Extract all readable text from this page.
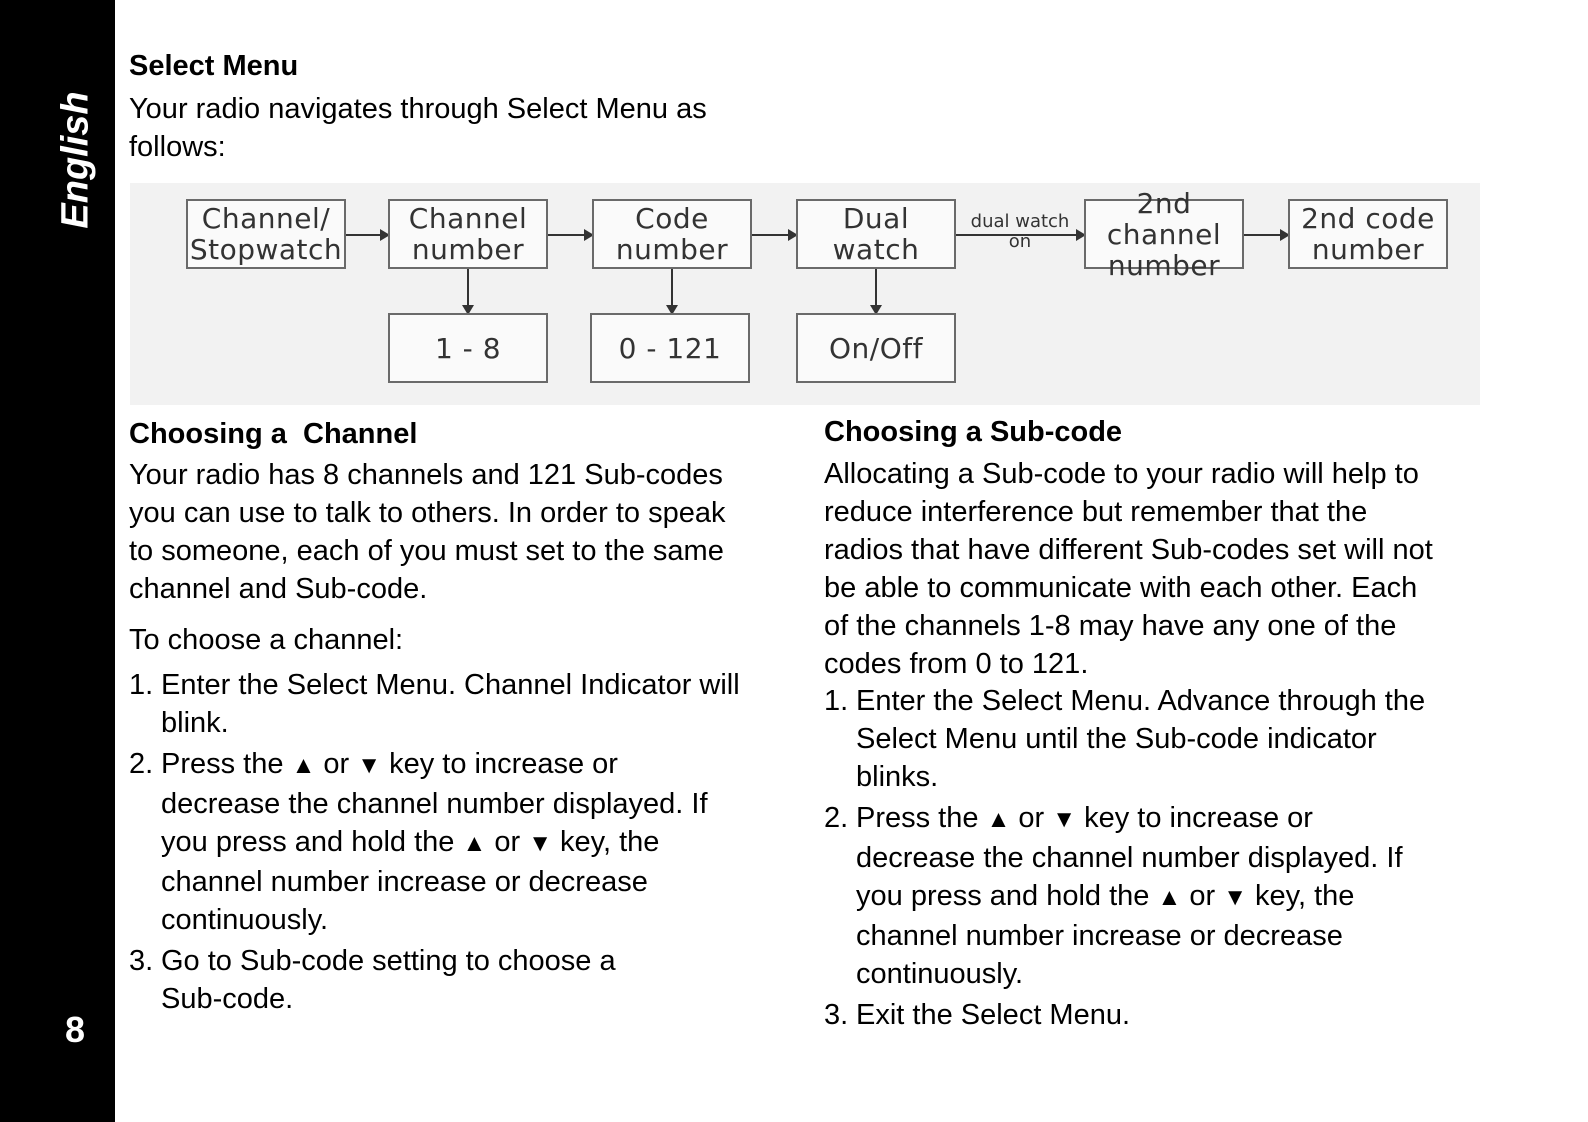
English
8
Select Menu
Your radio navigates through Select Menu as
follows:
Channel/
Stopwatch
Channel
number
Code
number
Dual watch
dual watch
on
2nd channel
number
2nd code
number
1 - 8	0 - 121	On/Off
Choosing a  Channel
Your radio has 8 channels and 121 Sub-codes
you can use to talk to others. In order to speak
to someone, each of you must set to the same
channel and Sub-code.
To choose a channel:
1. Enter the Select Menu. Channel Indicator will
blink.
2. Press the ▲ or ▼ key to increase or
decrease the channel number displayed. If
you press and hold the ▲ or ▼ key, the
channel number increase or decrease
continuously.
3. Go to Sub-code setting to choose a
Sub-code.
Choosing a Sub-code
Allocating a Sub-code to your radio will help to
reduce interference but remember that the
radios that have different Sub-codes set will not
be able to communicate with each other. Each
of the channels 1-8 may have any one of the
codes from 0 to 121.
1. Enter the Select Menu. Advance through the
Select Menu until the Sub-code indicator
blinks.
2. Press the ▲ or ▼ key to increase or
decrease the channel number displayed. If
you press and hold the ▲ or ▼ key, the
channel number increase or decrease
continuously.
3. Exit the Select Menu.
